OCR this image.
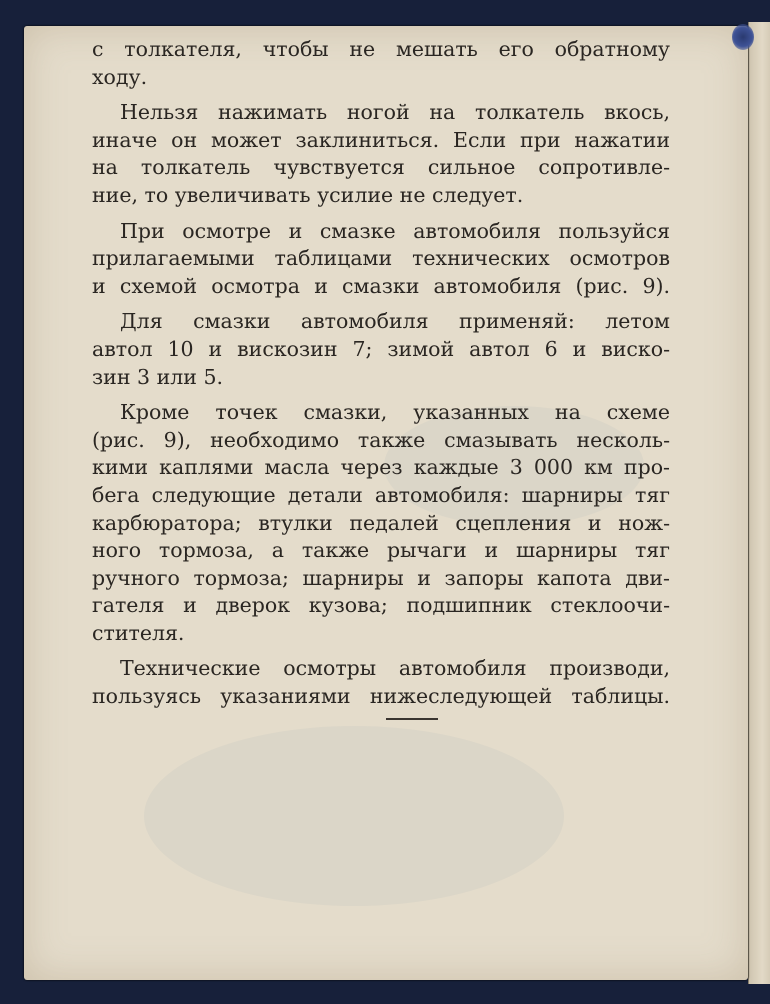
с толкателя, чтобы не мешать его обратному
ходу.
Нельзя нажимать ногой на толкатель вкось,
иначе он может заклиниться. Если при нажатии
на толкатель чувствуется сильное сопротивле-
ние, то увеличивать усилие не следует.
При осмотре и смазке автомобиля пользуйся
прилагаемыми таблицами технических осмотров
и схемой осмотра и смазки автомобиля (рис. 9).
Для смазки автомобиля применяй: летом
автол 10 и вискозин 7; зимой автол 6 и виско-
зин 3 или 5.
Кроме точек смазки, указанных на схеме
(рис. 9), необходимо также смазывать несколь-
кими каплями масла через каждые 3 000 км про-
бега следующие детали автомобиля: шарниры тяг
карбюратора; втулки педалей сцепления и нож-
ного тормоза, а также рычаги и шарниры тяг
ручного тормоза; шарниры и запоры капота дви-
гателя и дверок кузова; подшипник стеклоочи-
стителя.
Технические осмотры автомобиля производи,
пользуясь указаниями нижеследующей таблицы.
